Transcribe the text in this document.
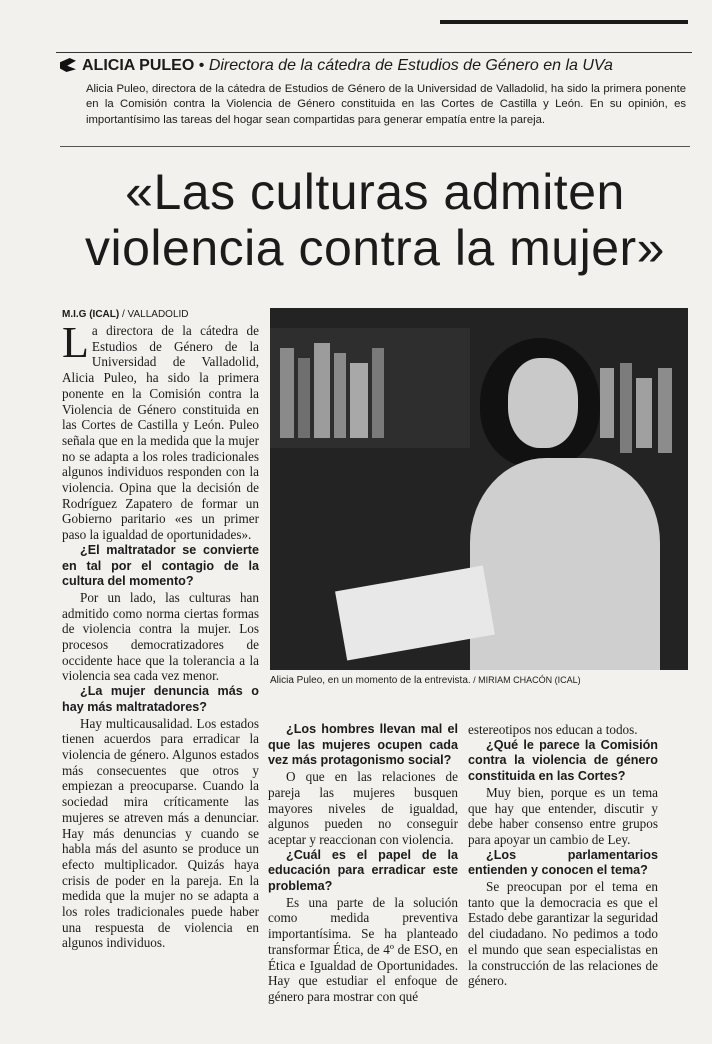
ALICIA PULEO • Directora de la cátedra de Estudios de Género en la UVa
Alicia Puleo, directora de la cátedra de Estudios de Género de la Universidad de Valladolid, ha sido la primera ponente en la Comisión contra la Violencia de Género constituida en las Cortes de Castilla y León. En su opinión, es importantísimo las tareas del hogar sean compartidas para generar empatía entre la pareja.
«Las culturas admiten
violencia contra la mujer»
M.I.G (ICAL) / VALLADOLID

La directora de la cátedra de Estudios de Género de la Universidad de Valladolid, Alicia Puleo, ha sido la primera ponente en la Comisión contra la Violencia de Género constituida en las Cortes de Castilla y León. Puleo señala que en la medida que la mujer no se adapta a los roles tradicionales algunos individuos responden con la violencia. Opina que la decisión de Rodríguez Zapatero de formar un Gobierno paritario «es un primer paso la igualdad de oportunidades».

¿El maltratador se convierte en tal por el contagio de la cultura del momento?

Por un lado, las culturas han admitido como norma ciertas formas de violencia contra la mujer. Los procesos democratizadores de occidente hace que la tolerancia a la violencia sea cada vez menor.

¿La mujer denuncia más o hay más maltratadores?

Hay multicausalidad. Los estados tienen acuerdos para erradicar la violencia de género. Algunos estados más consecuentes que otros y empiezan a preocuparse. Cuando la sociedad mira críticamente las mujeres se atreven más a denunciar. Hay más denuncias y cuando se habla más del asunto se produce un efecto multiplicador. Quizás haya crisis de poder en la pareja. En la medida que la mujer no se adapta a los roles tradicionales puede haber una respuesta de violencia en algunos individuos.

Alicia Puleo, en un momento de la entrevista. / MIRIAM CHACÓN (ICAL)

¿Los hombres llevan mal el que las mujeres ocupen cada vez más protagonismo social?

O que en las relaciones de pareja las mujeres busquen mayores niveles de igualdad, algunos pueden no conseguir aceptar y reaccionan con violencia.

¿Cuál es el papel de la educación para erradicar este problema?

Es una parte de la solución como medida preventiva importantísima. Se ha planteado transformar Ética, de 4º de ESO, en Ética e Igualdad de Oportunidades. Hay que estudiar el enfoque de género para mostrar con qué

estereotipos nos educan a todos.

¿Qué le parece la Comisión contra la violencia de género constituida en las Cortes?

Muy bien, porque es un tema que hay que entender, discutir y debe haber consenso entre grupos para apoyar un cambio de Ley.

¿Los parlamentarios entienden y conocen el tema?

Se preocupan por el tema en tanto que la democracia es que el Estado debe garantizar la seguridad del ciudadano. No pedimos a todo el mundo que sean especialistas en la construcción de las relaciones de género.
